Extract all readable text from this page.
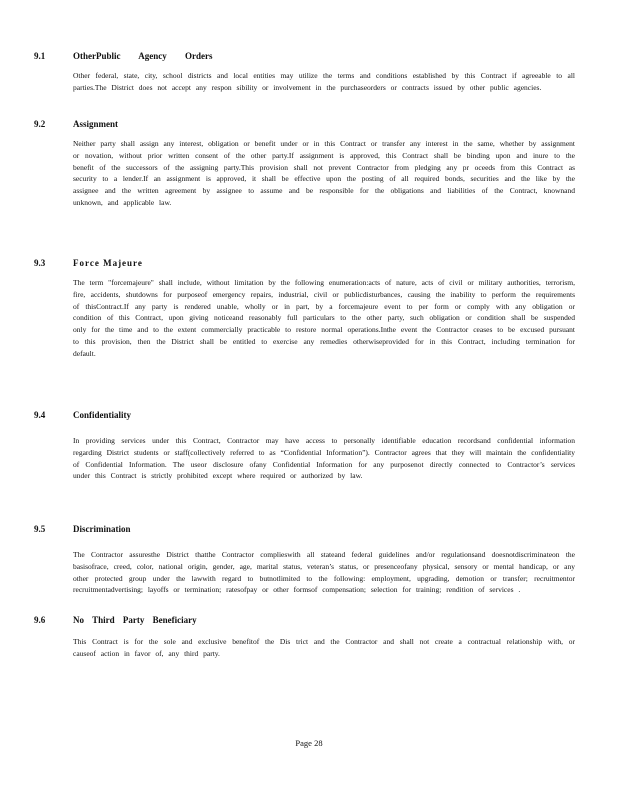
9.1	OtherPublic Agency Orders
Other federal, state, city, school districts and local entities may utilize the terms and conditions established by this Contract if agreeable to all parties.The District does not accept any respon sibility or involvement in the purchaseorders or contracts issued by other public agencies.
9.2	Assignment
Neither party shall assign any interest, obligation or benefit under or in this Contract or transfer any interest in the same, whether by assignment or novation, without prior written consent of the other party.If assignment is approved, this Contract shall be binding upon and inure to the benefit of the successors of the assigning party.This provision shall not prevent Contractor from pledging any pr oceeds from this Contract as security to a lender.If an assignment is approved, it shall be effective upon the posting of all required bonds, securities and the like by the assignee and the written agreement by assignee to assume and be responsible for the obligations and liabilities of the Contract, knownand unknown, and applicable law.
9.3	Force Majeure
The term "forcemajeure" shall include, without limitation by the following enumeration:acts of nature, acts of civil or military authorities, terrorism, fire, accidents, shutdowns for purposeof emergency repairs, industrial, civil or publicdisturbances, causing the inability to perform the requirements of thisContract.If any party is rendered unable, wholly or in part, by a forcemajeure event to per form or comply with any obligation or condition of this Contract, upon giving noticeand reasonably full particulars to the other party, such obligation or condition shall be suspended only for the time and to the extent commercially practicable to restore normal operations.Inthe event the Contractor ceases to be excused pursuant to this provision, then the District shall be entitled to exercise any remedies otherwiseprovided for in this Contract, including termination for default.
9.4	Confidentiality
In providing services under this Contract, Contractor may have access to personally identifiable education recordsand confidential information regarding District students or staff(collectively referred to as “Confidential Information”). Contractor agrees that they will maintain the confidentiality of Confidential Information. The useor disclosure ofany Confidential Information for any purposenot directly connected to Contractor’s services under this Contract is strictly prohibited except where required or authorized by law.
9.5	Discrimination
The Contractor assuresthe District thatthe Contractor complieswith all stateand federal guidelines and/or regulationsand doesnotdiscriminateon the basisofrace, creed, color, national origin, gender, age, marital status, veteran’s status, or presenceofany physical, sensory or mental handicap, or any other protected group under the lawwith regard to butnotlimited to the following: employment, upgrading, demotion or transfer; recruitmentor recruitmentadvertising; layoffs or termination; ratesofpay or other formsof compensation; selection for training; rendition of services .
9.6	No Third Party Beneficiary
This Contract is for the sole and exclusive benefitof the Dis trict and the Contractor and shall not create a contractual relationship with, or causeof action in favor of, any third party.
Page 28
